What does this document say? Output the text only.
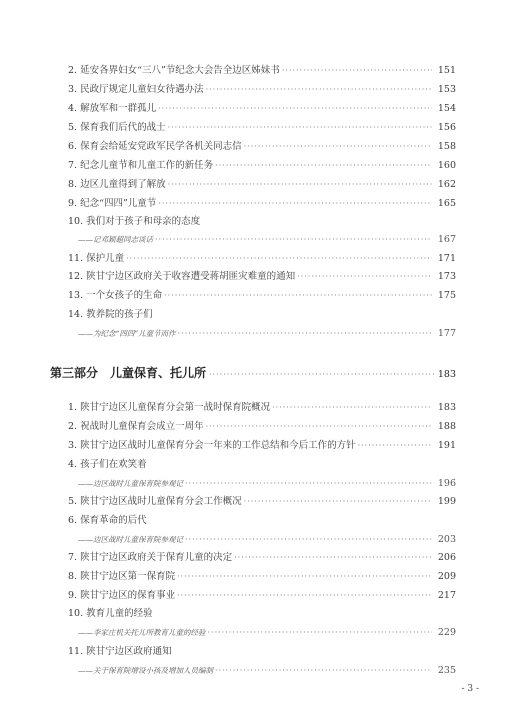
2. 延安各界妇女“三八”节纪念大会告全边区姊妹书 ·····	151
3. 民政厅规定儿童妇女待遇办法 ·····	153
4. 解放军和一群孤儿 ·····	154
5. 保育我们后代的战士 ·····	156
6. 保育会给延安党政军民学各机关同志信 ·····	158
7. 纪念儿童节和儿童工作的新任务 ·····	160
8. 边区儿童得到了解放 ·····	162
9. 纪念“四四”儿童节 ·····	165
10. 我们对于孩子和母亲的态度
——记邓颖超同志谈话 ·····	167
11. 保护儿童 ·····	171
12. 陕甘宁边区政府关于收容遭受蒋胡匪灾难童的通知 ·····	173
13. 一个女孩子的生命 ·····	175
14. 教养院的孩子们
——为纪念“四四”儿童节而作 ·····	177
第三部分　儿童保育、托儿所 ·····	183
1. 陕甘宁边区儿童保育分会第一战时保育院概况 ·····	183
2. 祝战时儿童保育会成立一周年 ·····	188
3. 陕甘宁边区战时儿童保育分会一年来的工作总结和今后工作的方针 ·····	191
4. 孩子们在欢笑着
——边区战时儿童保育院参观记 ·····	196
5. 陕甘宁边区战时儿童保育分会工作概况 ·····	199
6. 保育革命的后代
——边区战时儿童保育院参观记 ·····	203
7. 陕甘宁边区政府关于保育儿童的决定 ·····	206
8. 陕甘宁边区第一保育院 ·····	209
9. 陕甘宁边区的保育事业 ·····	217
10. 教育儿童的经验
——李家庄机关托儿所教育儿童的经验 ·····	229
11. 陕甘宁边区政府通知
——关于保育院增设小孩及增加人员编制 ·····	235
- 3 -
